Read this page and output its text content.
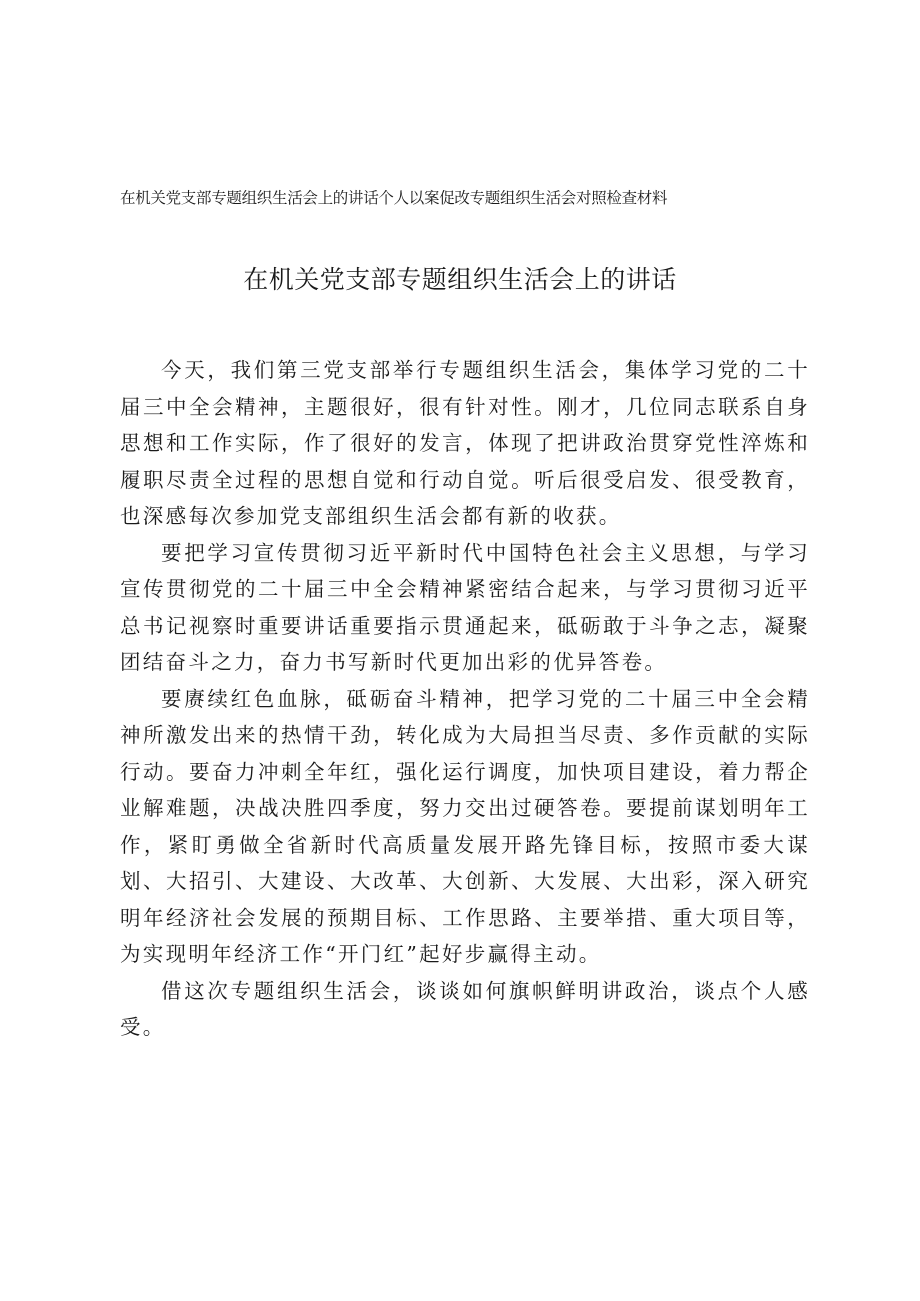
在机关党支部专题组织生活会上的讲话个人以案促改专题组织生活会对照检查材料
在机关党支部专题组织生活会上的讲话

今天，我们第三党支部举行专题组织生活会，集体学习党的二十届三中全会精神，主题很好，很有针对性。刚才，几位同志联系自身思想和工作实际，作了很好的发言，体现了把讲政治贯穿党性淬炼和履职尽责全过程的思想自觉和行动自觉。听后很受启发、很受教育，也深感每次参加党支部组织生活会都有新的收获。

要把学习宣传贯彻习近平新时代中国特色社会主义思想，与学习宣传贯彻党的二十届三中全会精神紧密结合起来，与学习贯彻习近平总书记视察时重要讲话重要指示贯通起来，砥砺敢于斗争之志，凝聚团结奋斗之力，奋力书写新时代更加出彩的优异答卷。

要赓续红色血脉，砥砺奋斗精神，把学习党的二十届三中全会精神所激发出来的热情干劲，转化成为大局担当尽责、多作贡献的实际行动。要奋力冲刺全年红，强化运行调度，加快项目建设，着力帮企业解难题，决战决胜四季度，努力交出过硬答卷。要提前谋划明年工作，紧盯勇做全省新时代高质量发展开路先锋目标，按照市委大谋划、大招引、大建设、大改革、大创新、大发展、大出彩，深入研究明年经济社会发展的预期目标、工作思路、主要举措、重大项目等，为实现明年经济工作“开门红”起好步赢得主动。

借这次专题组织生活会，谈谈如何旗帜鲜明讲政治，谈点个人感受。
